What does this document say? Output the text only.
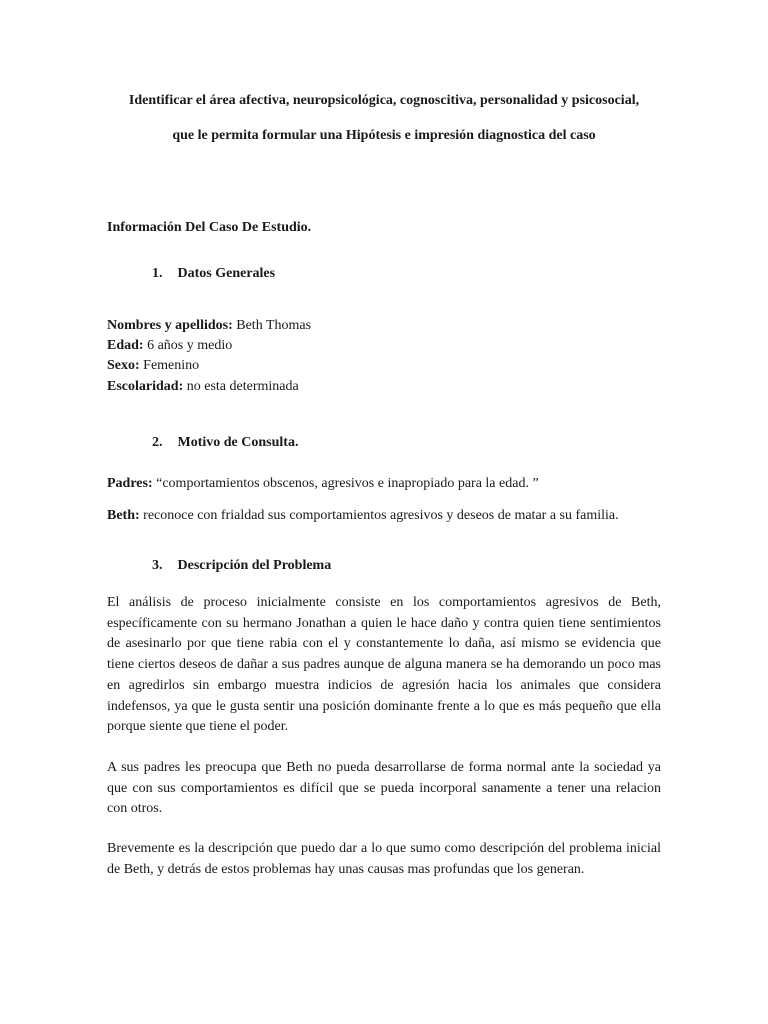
Identificar el área afectiva, neuropsicológica, cognoscitiva, personalidad y psicosocial,
que le permita formular una Hipótesis e impresión diagnostica del caso
Información Del Caso De Estudio.
1. Datos Generales
Nombres y apellidos: Beth Thomas
Edad: 6 años y medio
Sexo: Femenino
Escolaridad: no esta determinada
2. Motivo de Consulta.
Padres: “comportamientos obscenos, agresivos e inapropiado para la edad. ”
Beth: reconoce con frialdad sus comportamientos agresivos y deseos de matar a su familia.
3. Descripción del Problema
El análisis de proceso inicialmente consiste en los comportamientos agresivos de Beth, específicamente con su hermano Jonathan a quien le hace daño y contra quien tiene sentimientos de asesinarlo por que tiene rabia con el y constantemente lo daña, así mismo se evidencia que tiene ciertos deseos de dañar a sus padres aunque de alguna manera se ha demorando un poco mas en agredirlos sin embargo muestra indicios de agresión hacia los animales que considera indefensos, ya que le gusta sentir una posición dominante frente a lo que es más pequeño que ella porque siente que tiene el poder.
A sus padres les preocupa que Beth no pueda desarrollarse de forma normal ante la sociedad ya que con sus comportamientos es difícil que se pueda incorporal sanamente a tener una relacion con otros.
Brevemente es la descripción que puedo dar a lo que sumo como descripción del problema inicial de Beth, y detrás de estos problemas hay unas causas mas profundas que los generan.
